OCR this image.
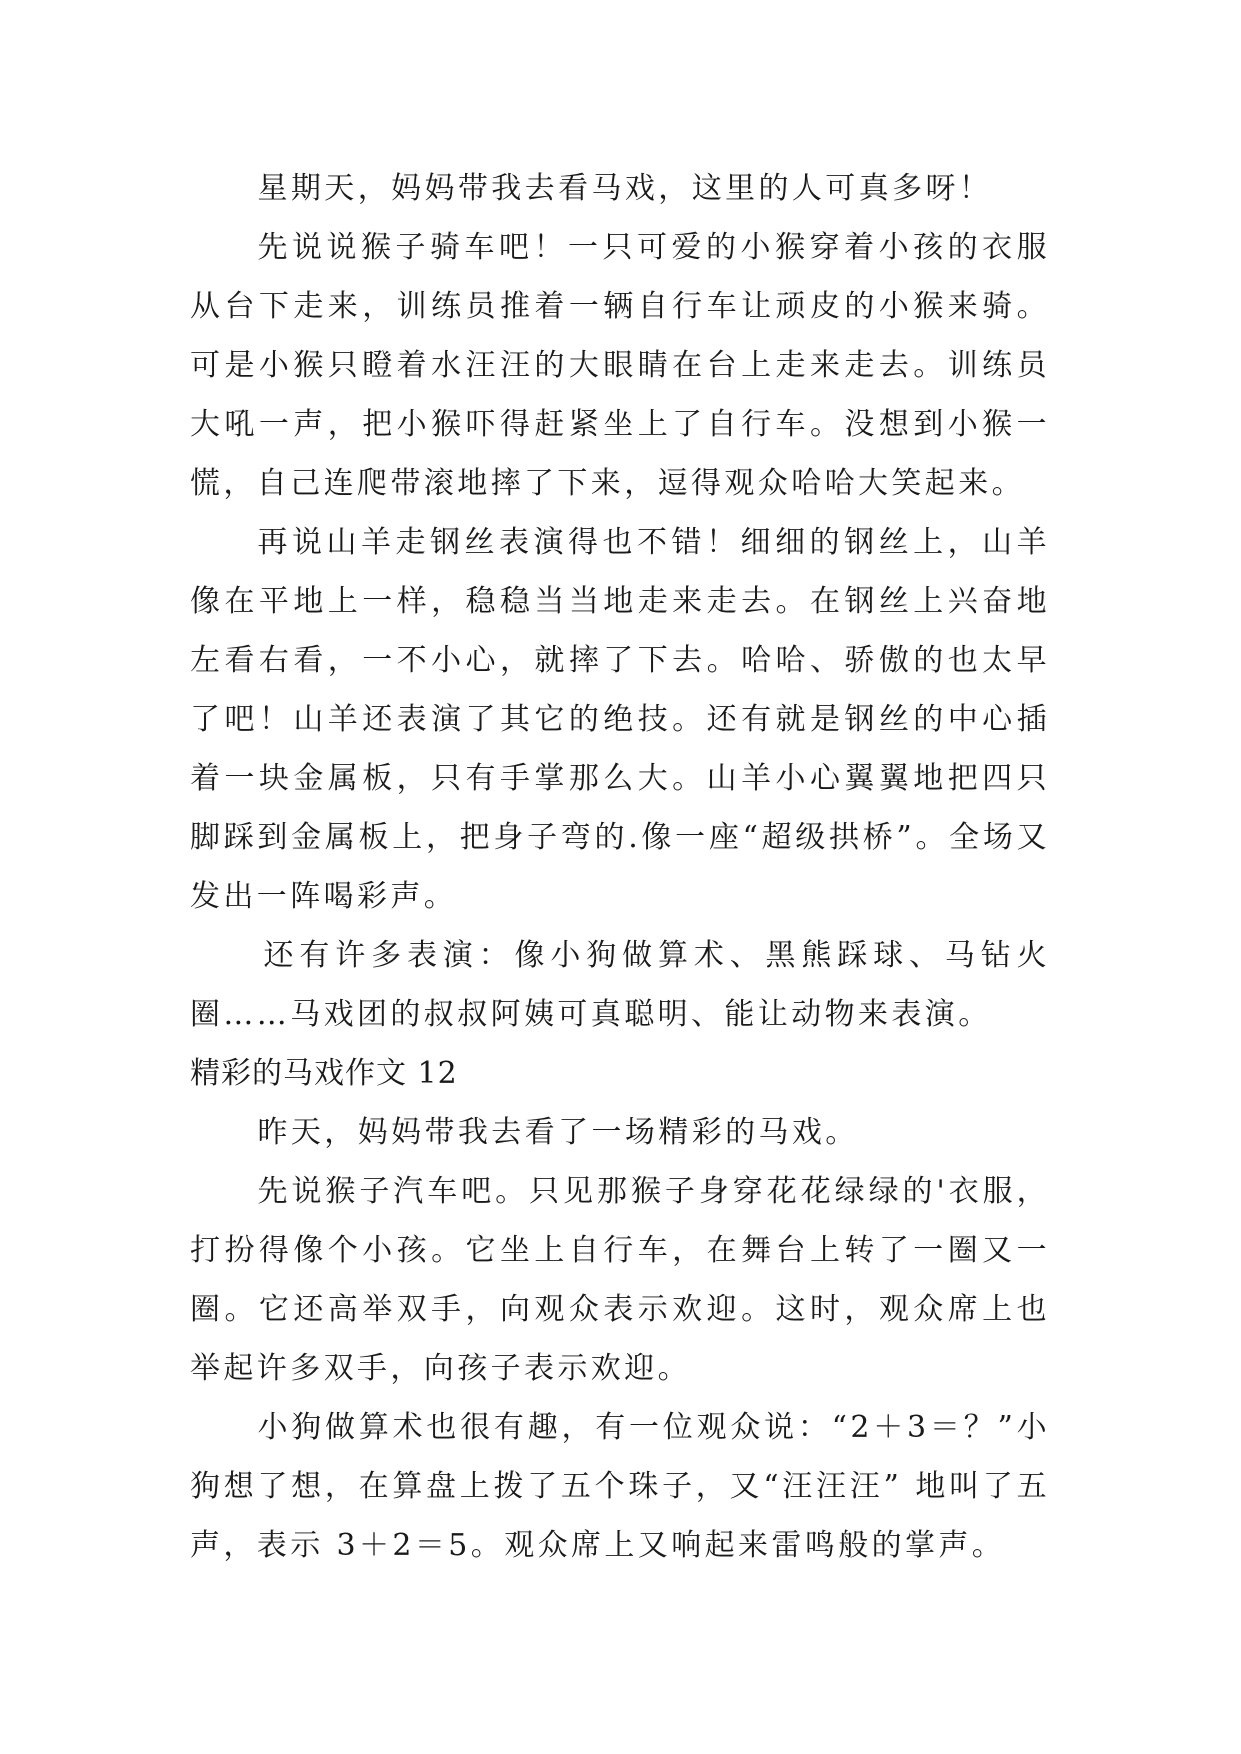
星期天，妈妈带我去看马戏，这里的人可真多呀！

先说说猴子骑车吧！一只可爱的小猴穿着小孩的衣服从台下走来，训练员推着一辆自行车让顽皮的小猴来骑。可是小猴只瞪着水汪汪的大眼睛在台上走来走去。训练员大吼一声，把小猴吓得赶紧坐上了自行车。没想到小猴一慌，自己连爬带滚地摔了下来，逗得观众哈哈大笑起来。

再说山羊走钢丝表演得也不错！细细的钢丝上，山羊像在平地上一样，稳稳当当地走来走去。在钢丝上兴奋地左看右看，一不小心，就摔了下去。哈哈、骄傲的也太早了吧！山羊还表演了其它的绝技。还有就是钢丝的中心插着一块金属板，只有手掌那么大。山羊小心翼翼地把四只脚踩到金属板上，把身子弯的.像一座“超级拱桥”。全场又发出一阵喝彩声。

还有许多表演：像小狗做算术、黑熊踩球、马钻火圈……马戏团的叔叔阿姨可真聪明、能让动物来表演。

精彩的马戏作文 12

昨天，妈妈带我去看了一场精彩的马戏。

先说猴子汽车吧。只见那猴子身穿花花绿绿的'衣服，打扮得像个小孩。它坐上自行车，在舞台上转了一圈又一圈。它还高举双手，向观众表示欢迎。这时，观众席上也举起许多双手，向孩子表示欢迎。

小狗做算术也很有趣，有一位观众说：“2＋3＝？”小狗想了想，在算盘上拨了五个珠子，又“汪汪汪” 地叫了五声，表示 3＋2＝5。观众席上又响起来雷鸣般的掌声。
